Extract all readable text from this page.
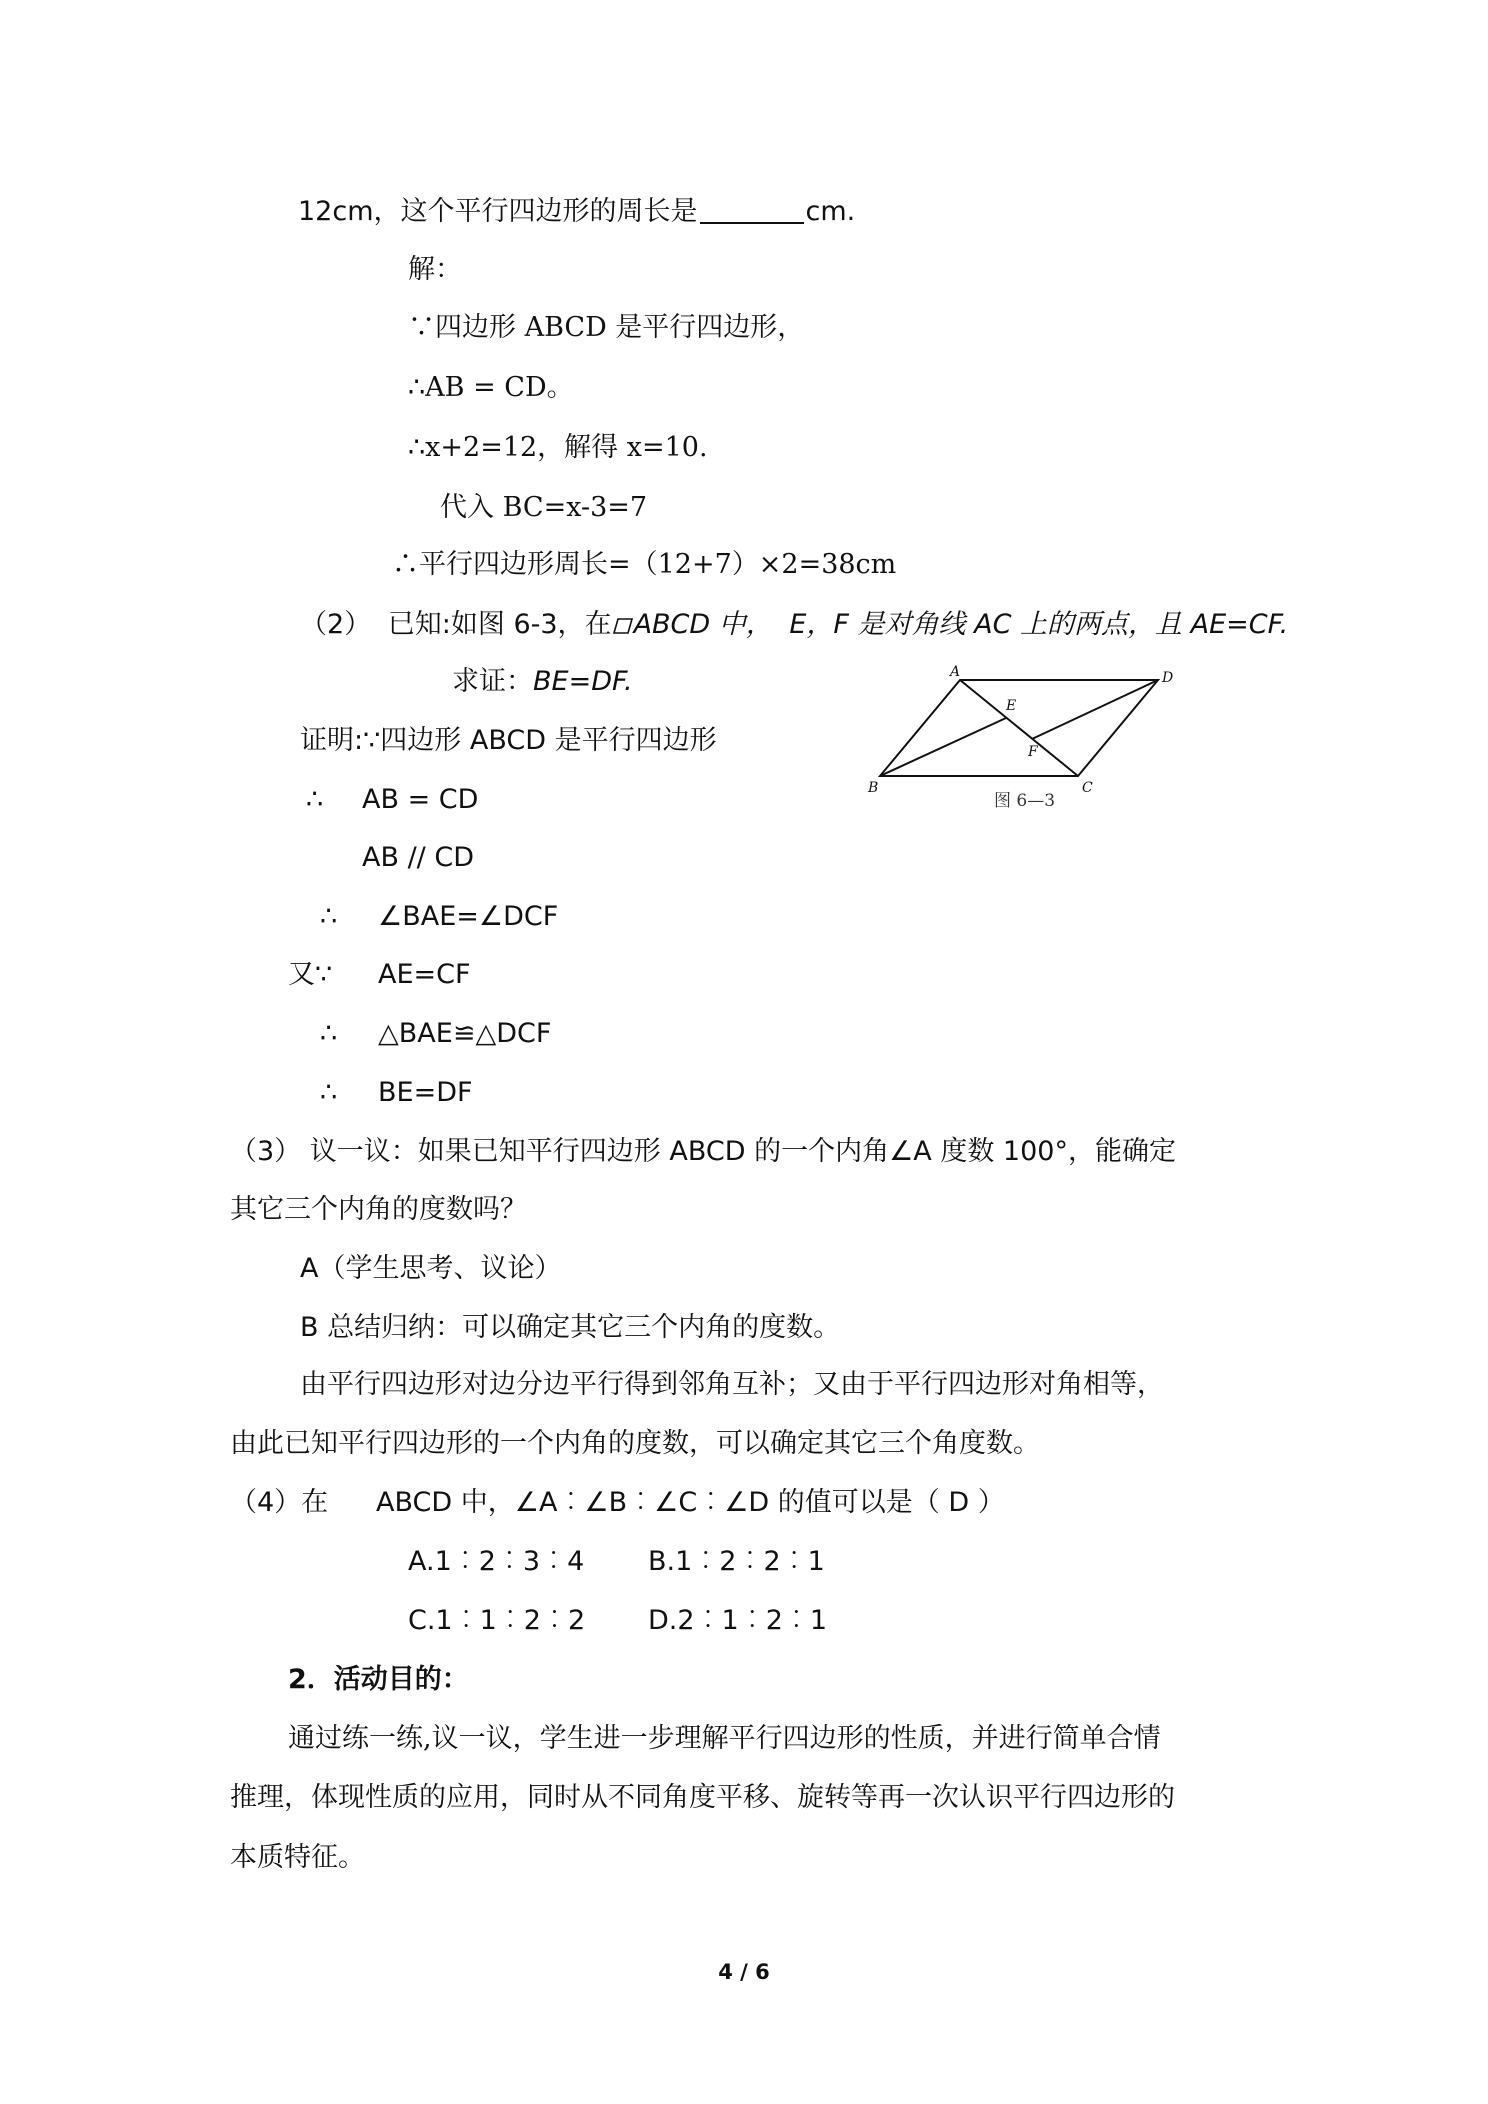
12cm，这个平行四边形的周长是	cm.
解：
∵四边形 ABCD 是平行四边形，
∴AB = CD。
∴x+2=12，解得 x=10.
代入 BC=x-3=7
∴平行四边形周长=（12+7）×2=38cm
（2） 已知:如图 6-3，在 ABCD 中， E，F 是对角线 AC 上的两点，且 AE=CF.
求证：BE=DF.
证明:∵四边形 ABCD 是平行四边形
∴ AB = CD
AB // CD
∴ ∠BAE=∠DCF
又∵ AE=CF
∴ △BAE≌△DCF
∴ BE=DF
A	D
B	C
E
F
图 6—3
（3） 议一议：如果已知平行四边形 ABCD 的一个内角∠A 度数 100°，能确定
其它三个内角的度数吗？
A（学生思考、议论）
B 总结归纳：可以确定其它三个内角的度数。
由平行四边形对边分边平行得到邻角互补；又由于平行四边形对角相等，
由此已知平行四边形的一个内角的度数，可以确定其它三个角度数。
（4）在 ABCD 中，∠A︰∠B︰∠C︰∠D 的值可以是（ D ）
A.1︰2︰3︰4 B.1︰2︰2︰1
C.1︰1︰2︰2 D.2︰1︰2︰1
2．活动目的：
通过练一练,议一议，学生进一步理解平行四边形的性质，并进行简单合情
推理，体现性质的应用，同时从不同角度平移、旋转等再一次认识平行四边形的
本质特征。
4 / 6
